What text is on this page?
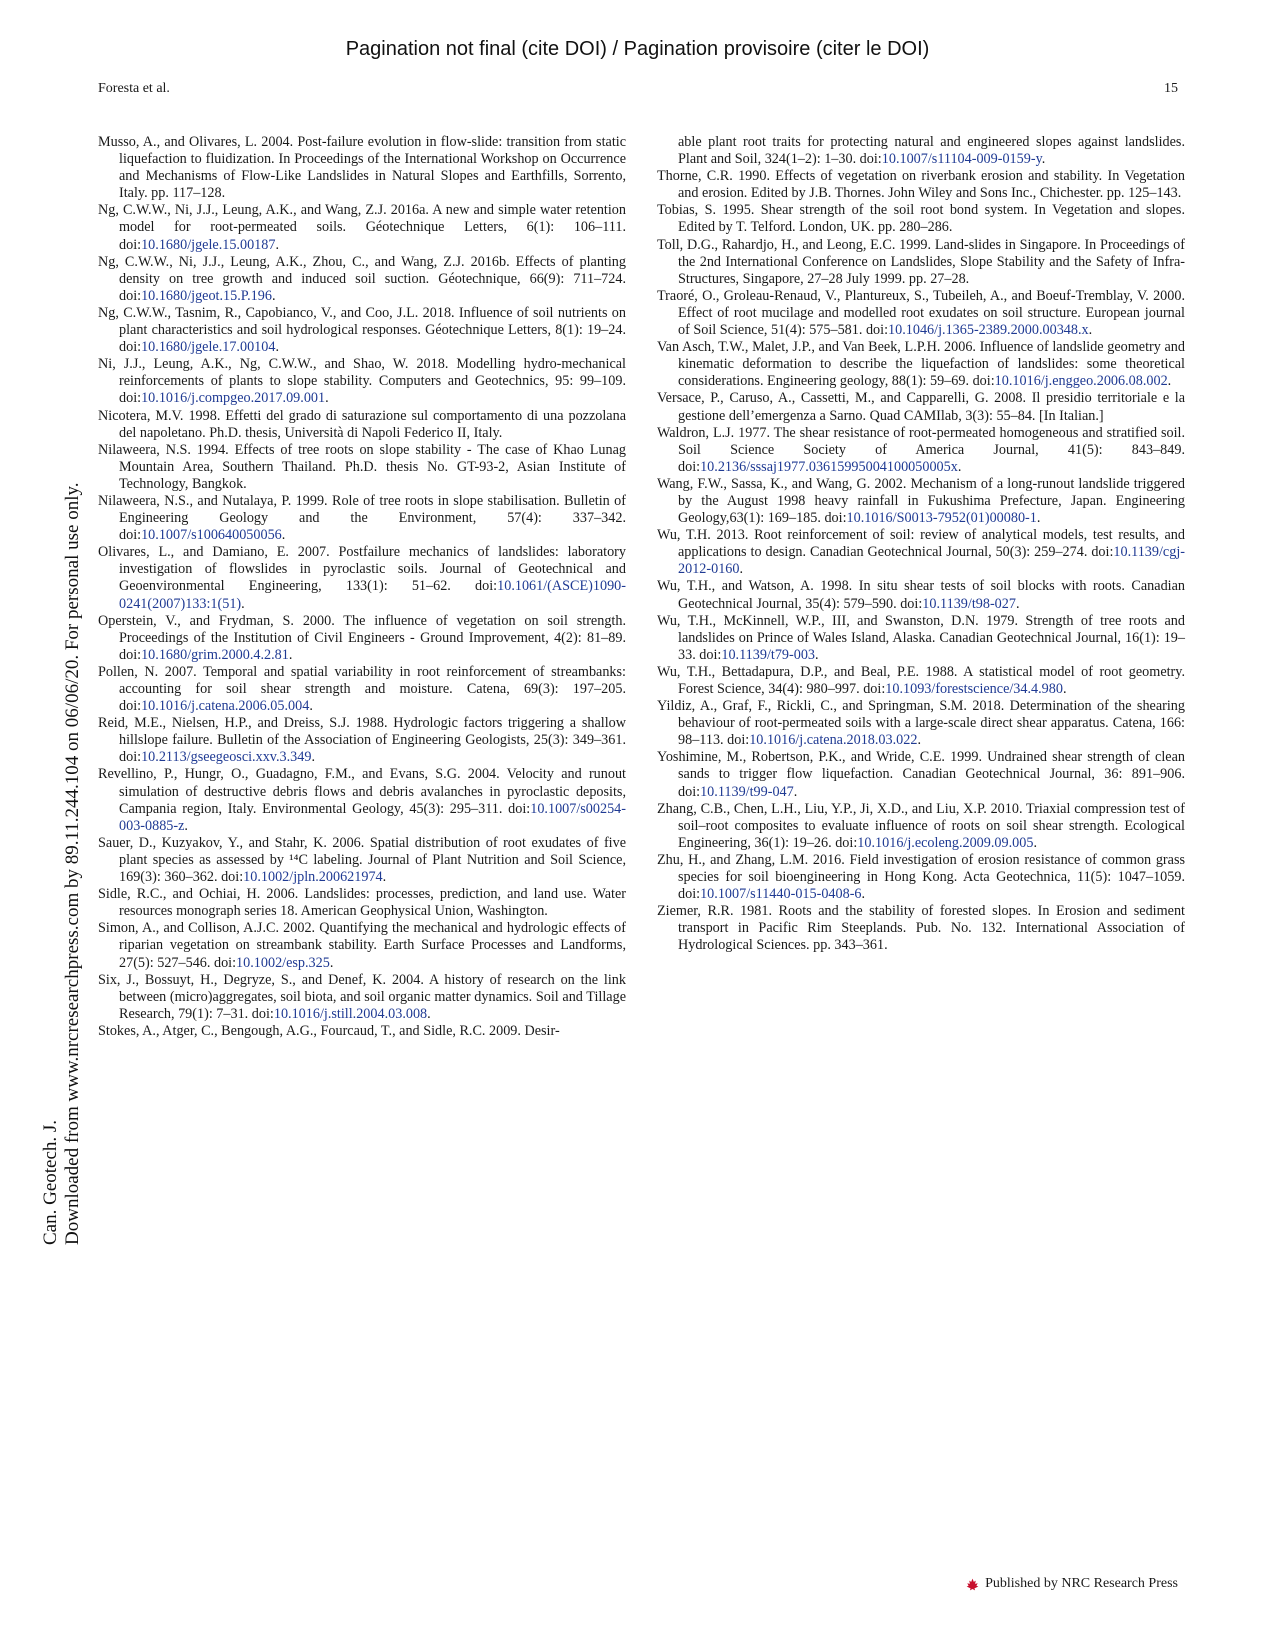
Pagination not final (cite DOI) / Pagination provisoire (citer le DOI)
Foresta et al.	15
Can. Geotech. J. Downloaded from www.nrcresearchpress.com by 89.11.244.104 on 06/06/20. For personal use only.

Musso, A., and Olivares, L. 2004. Post-failure evolution in flow-slide: transition from static liquefaction to fluidization. In Proceedings of the International Workshop on Occurrence and Mechanisms of Flow-Like Landslides in Natural Slopes and Earthfills, Sorrento, Italy. pp. 117–128.

Ng, C.W.W., Ni, J.J., Leung, A.K., and Wang, Z.J. 2016a. A new and simple water retention model for root-permeated soils. Géotechnique Letters, 6(1): 106–111. doi:10.1680/jgele.15.00187.

Ng, C.W.W., Ni, J.J., Leung, A.K., Zhou, C., and Wang, Z.J. 2016b. Effects of planting density on tree growth and induced soil suction. Géotechnique, 66(9): 711–724. doi:10.1680/jgeot.15.P.196.

Ng, C.W.W., Tasnim, R., Capobianco, V., and Coo, J.L. 2018. Influence of soil nutrients on plant characteristics and soil hydrological responses. Géotechnique Letters, 8(1): 19–24. doi:10.1680/jgele.17.00104.

Ni, J.J., Leung, A.K., Ng, C.W.W., and Shao, W. 2018. Modelling hydro-mechanical reinforcements of plants to slope stability. Computers and Geotechnics, 95: 99–109. doi:10.1016/j.compgeo.2017.09.001.

Nicotera, M.V. 1998. Effetti del grado di saturazione sul comportamento di una pozzolana del napoletano. Ph.D. thesis, Università di Napoli Federico II, Italy.

Nilaweera, N.S. 1994. Effects of tree roots on slope stability - The case of Khao Lunag Mountain Area, Southern Thailand. Ph.D. thesis No. GT-93-2, Asian Institute of Technology, Bangkok.

Nilaweera, N.S., and Nutalaya, P. 1999. Role of tree roots in slope stabilisation. Bulletin of Engineering Geology and the Environment, 57(4): 337–342. doi:10.1007/s100640050056.

Olivares, L., and Damiano, E. 2007. Postfailure mechanics of landslides: laboratory investigation of flowslides in pyroclastic soils. Journal of Geotechnical and Geoenvironmental Engineering, 133(1): 51–62. doi:10.1061/(ASCE)1090-0241(2007)133:1(51).

Operstein, V., and Frydman, S. 2000. The influence of vegetation on soil strength. Proceedings of the Institution of Civil Engineers - Ground Improvement, 4(2): 81–89. doi:10.1680/grim.2000.4.2.81.

Pollen, N. 2007. Temporal and spatial variability in root reinforcement of streambanks: accounting for soil shear strength and moisture. Catena, 69(3): 197–205. doi:10.1016/j.catena.2006.05.004.

Reid, M.E., Nielsen, H.P., and Dreiss, S.J. 1988. Hydrologic factors triggering a shallow hillslope failure. Bulletin of the Association of Engineering Geologists, 25(3): 349–361. doi:10.2113/gseegeosci.xxv.3.349.

Revellino, P., Hungr, O., Guadagno, F.M., and Evans, S.G. 2004. Velocity and runout simulation of destructive debris flows and debris avalanches in pyroclastic deposits, Campania region, Italy. Environmental Geology, 45(3): 295–311. doi:10.1007/s00254-003-0885-z.

Sauer, D., Kuzyakov, Y., and Stahr, K. 2006. Spatial distribution of root exudates of five plant species as assessed by ¹⁴C labeling. Journal of Plant Nutrition and Soil Science, 169(3): 360–362. doi:10.1002/jpln.200621974.

Sidle, R.C., and Ochiai, H. 2006. Landslides: processes, prediction, and land use. Water resources monograph series 18. American Geophysical Union, Washington.

Simon, A., and Collison, A.J.C. 2002. Quantifying the mechanical and hydrologic effects of riparian vegetation on streambank stability. Earth Surface Processes and Landforms, 27(5): 527–546. doi:10.1002/esp.325.

Six, J., Bossuyt, H., Degryze, S., and Denef, K. 2004. A history of research on the link between (micro)aggregates, soil biota, and soil organic matter dynamics. Soil and Tillage Research, 79(1): 7–31. doi:10.1016/j.still.2004.03.008.

Stokes, A., Atger, C., Bengough, A.G., Fourcaud, T., and Sidle, R.C. 2009. Desir-

able plant root traits for protecting natural and engineered slopes against landslides. Plant and Soil, 324(1–2): 1–30. doi:10.1007/s11104-009-0159-y.

Thorne, C.R. 1990. Effects of vegetation on riverbank erosion and stability. In Vegetation and erosion. Edited by J.B. Thornes. John Wiley and Sons Inc., Chichester. pp. 125–143.

Tobias, S. 1995. Shear strength of the soil root bond system. In Vegetation and slopes. Edited by T. Telford. London, UK. pp. 280–286.

Toll, D.G., Rahardjo, H., and Leong, E.C. 1999. Land-slides in Singapore. In Proceedings of the 2nd International Conference on Landslides, Slope Stability and the Safety of Infra-Structures, Singapore, 27–28 July 1999. pp. 27–28.

Traoré, O., Groleau-Renaud, V., Plantureux, S., Tubeileh, A., and Boeuf-Tremblay, V. 2000. Effect of root mucilage and modelled root exudates on soil structure. European journal of Soil Science, 51(4): 575–581. doi:10.1046/j.1365-2389.2000.00348.x.

Van Asch, T.W., Malet, J.P., and Van Beek, L.P.H. 2006. Influence of landslide geometry and kinematic deformation to describe the liquefaction of landslides: some theoretical considerations. Engineering geology, 88(1): 59–69. doi:10.1016/j.enggeo.2006.08.002.

Versace, P., Caruso, A., Cassetti, M., and Capparelli, G. 2008. Il presidio territoriale e la gestione dell’emergenza a Sarno. Quad CAMIlab, 3(3): 55–84. [In Italian.]

Waldron, L.J. 1977. The shear resistance of root-permeated homogeneous and stratified soil. Soil Science Society of America Journal, 41(5): 843–849. doi:10.2136/sssaj1977.03615995004100050005x.

Wang, F.W., Sassa, K., and Wang, G. 2002. Mechanism of a long-runout landslide triggered by the August 1998 heavy rainfall in Fukushima Prefecture, Japan. Engineering Geology,63(1): 169–185. doi:10.1016/S0013-7952(01)00080-1.

Wu, T.H. 2013. Root reinforcement of soil: review of analytical models, test results, and applications to design. Canadian Geotechnical Journal, 50(3): 259–274. doi:10.1139/cgj-2012-0160.

Wu, T.H., and Watson, A. 1998. In situ shear tests of soil blocks with roots. Canadian Geotechnical Journal, 35(4): 579–590. doi:10.1139/t98-027.

Wu, T.H., McKinnell, W.P., III, and Swanston, D.N. 1979. Strength of tree roots and landslides on Prince of Wales Island, Alaska. Canadian Geotechnical Journal, 16(1): 19–33. doi:10.1139/t79-003.

Wu, T.H., Bettadapura, D.P., and Beal, P.E. 1988. A statistical model of root geometry. Forest Science, 34(4): 980–997. doi:10.1093/forestscience/34.4.980.

Yildiz, A., Graf, F., Rickli, C., and Springman, S.M. 2018. Determination of the shearing behaviour of root-permeated soils with a large-scale direct shear apparatus. Catena, 166: 98–113. doi:10.1016/j.catena.2018.03.022.

Yoshimine, M., Robertson, P.K., and Wride, C.E. 1999. Undrained shear strength of clean sands to trigger flow liquefaction. Canadian Geotechnical Journal, 36: 891–906. doi:10.1139/t99-047.

Zhang, C.B., Chen, L.H., Liu, Y.P., Ji, X.D., and Liu, X.P. 2010. Triaxial compression test of soil–root composites to evaluate influence of roots on soil shear strength. Ecological Engineering, 36(1): 19–26. doi:10.1016/j.ecoleng.2009.09.005.

Zhu, H., and Zhang, L.M. 2016. Field investigation of erosion resistance of common grass species for soil bioengineering in Hong Kong. Acta Geotechnica, 11(5): 1047–1059. doi:10.1007/s11440-015-0408-6.

Ziemer, R.R. 1981. Roots and the stability of forested slopes. In Erosion and sediment transport in Pacific Rim Steeplands. Pub. No. 132. International Association of Hydrological Sciences. pp. 343–361.

Published by NRC Research Press
